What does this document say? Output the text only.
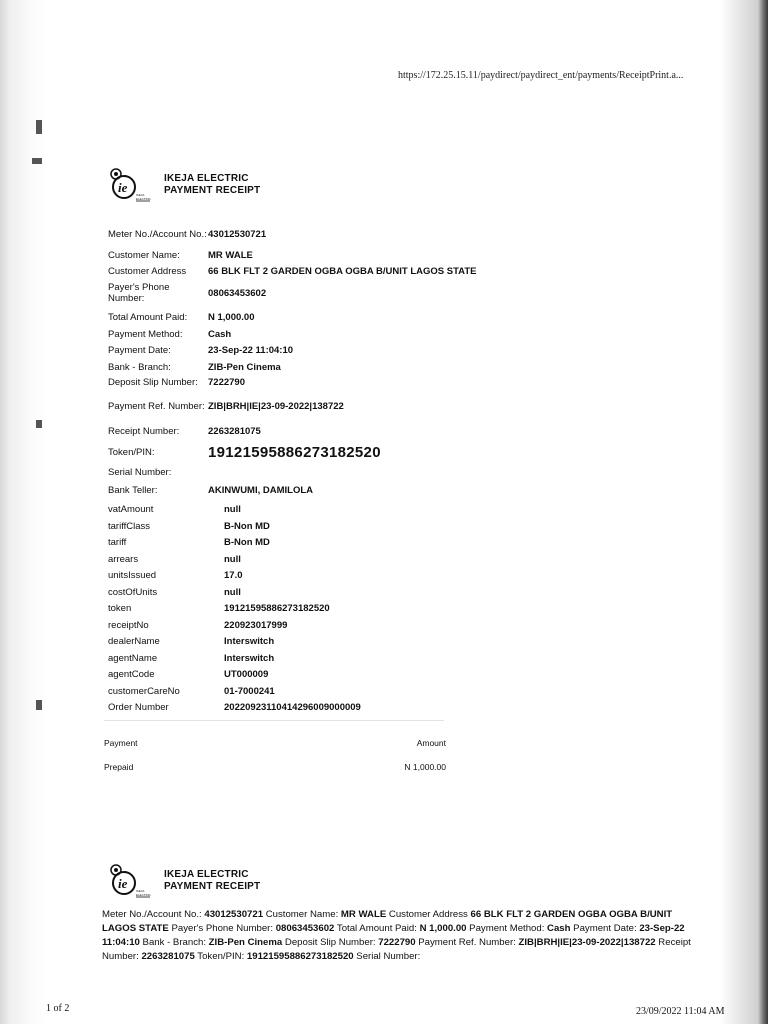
https://172.25.15.11/paydirect/paydirect_ent/payments/ReceiptPrint.a...
ie	IKEJA
ELECTRIC
IKEJA ELECTRIC
PAYMENT RECEIPT
Meter No./Account No.: 43012530721
Customer Name:	MR WALE
Customer Address	66 BLK FLT 2 GARDEN OGBA OGBA B/UNIT LAGOS STATE
Payer's Phone Number:	08063453602
Total Amount Paid:	N 1,000.00
Payment Method:	Cash
Payment Date:	23-Sep-22 11:04:10
Bank - Branch:	ZIB-Pen Cinema
Deposit Slip Number:	7222790
Payment Ref. Number: ZIB|BRH|IE|23-09-2022|138722
Receipt Number:	2263281075
Token/PIN:	19121595886273182520
Serial Number:
Bank Teller:	AKINWUMI, DAMILOLA
vatAmount	null
tariffClass	B-Non MD
tariff	B-Non MD
arrears	null
unitsIssued	17.0
costOfUnits	null
token	19121595886273182520
receiptNo	220923017999
dealerName	Interswitch
agentName	Interswitch
agentCode	UT000009
customerCareNo	01-7000241
Order Number	20220923110414296009000009
Payment	Amount
Prepaid	N 1,000.00
ie	IKEJA
ELECTRIC
IKEJA ELECTRIC
PAYMENT RECEIPT
Meter No./Account No.: 43012530721 Customer Name: MR WALE Customer Address 66 BLK FLT 2 GARDEN OGBA OGBA B/UNIT LAGOS STATE Payer's Phone Number: 08063453602 Total Amount Paid: N 1,000.00 Payment Method: Cash Payment Date: 23-Sep-22 11:04:10 Bank - Branch: ZIB-Pen Cinema Deposit Slip Number: 7222790 Payment Ref. Number: ZIB|BRH|IE|23-09-2022|138722 Receipt Number: 2263281075 Token/PIN: 19121595886273182520 Serial Number:
1 of 2	23/09/2022 11:04 AM
